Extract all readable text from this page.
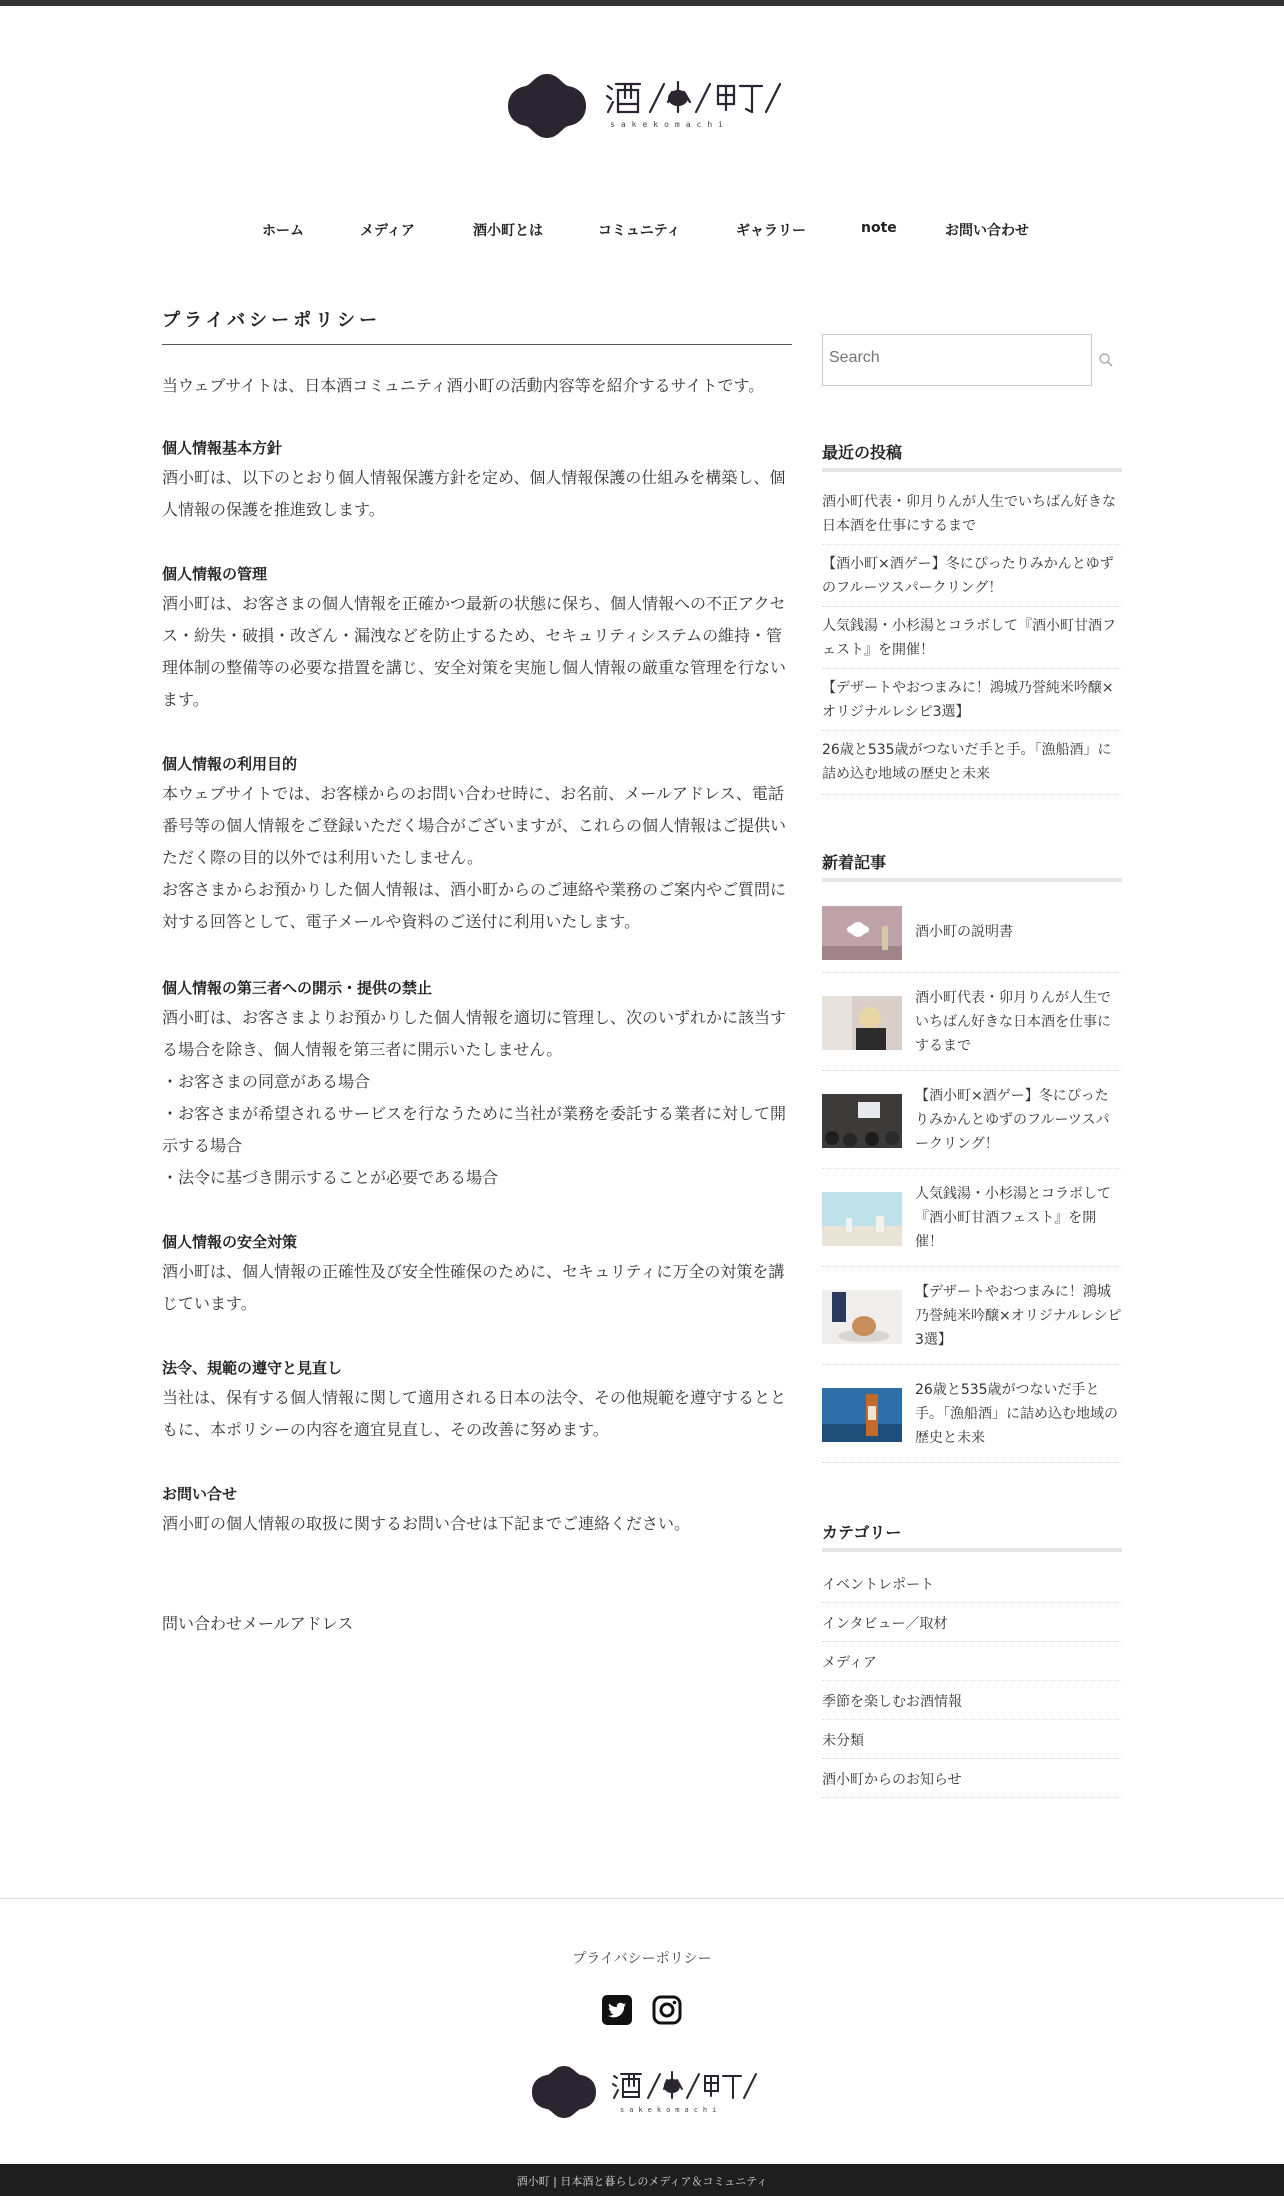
sakekomachi
ホーム	メディア	酒小町とは	コミュニティ	ギャラリー	note	お問い合わせ
プライバシーポリシー

当ウェブサイトは、日本酒コミュニティ酒小町の活動内容等を紹介するサイトです。

個人情報基本方針

酒小町は、以下のとおり個人情報保護方針を定め、個人情報保護の仕組みを構築し、個人情報の保護を推進致します。

個人情報の管理

酒小町は、お客さまの個人情報を正確かつ最新の状態に保ち、個人情報への不正アクセス・紛失・破損・改ざん・漏洩などを防止するため、セキュリティシステムの維持・管理体制の整備等の必要な措置を講じ、安全対策を実施し個人情報の厳重な管理を行ないます。

個人情報の利用目的

本ウェブサイトでは、お客様からのお問い合わせ時に、お名前、メールアドレス、電話番号等の個人情報をご登録いただく場合がございますが、これらの個人情報はご提供いただく際の目的以外では利用いたしません。

お客さまからお預かりした個人情報は、酒小町からのご連絡や業務のご案内やご質問に対する回答として、電子メールや資料のご送付に利用いたします。

個人情報の第三者への開示・提供の禁止

酒小町は、お客さまよりお預かりした個人情報を適切に管理し、次のいずれかに該当する場合を除き、個人情報を第三者に開示いたしません。

・お客さまの同意がある場合

・お客さまが希望されるサービスを行なうために当社が業務を委託する業者に対して開示する場合

・法令に基づき開示することが必要である場合

個人情報の安全対策

酒小町は、個人情報の正確性及び安全性確保のために、セキュリティに万全の対策を講じています。

法令、規範の遵守と見直し

当社は、保有する個人情報に関して適用される日本の法令、その他規範を遵守するとともに、本ポリシーの内容を適宜見直し、その改善に努めます。

お問い合せ

酒小町の個人情報の取扱に関するお問い合せは下記までご連絡ください。

問い合わせメールアドレス

Search
最近の投稿
酒小町代表・卯月りんが人生でいちばん好きな日本酒を仕事にするまで
【酒小町×酒ゲー】冬にぴったりみかんとゆずのフルーツスパークリング！
人気銭湯・小杉湯とコラボして『酒小町甘酒フェスト』を開催！
【デザートやおつまみに！鴻城乃誉純米吟醸×オリジナルレシピ3選】
26歳と535歳がつないだ手と手。「漁船酒」に詰め込む地域の歴史と未来
新着記事
酒小町の説明書
酒小町代表・卯月りんが人生でいちばん好きな日本酒を仕事にするまで
【酒小町×酒ゲー】冬にぴったりみかんとゆずのフルーツスパークリング！
人気銭湯・小杉湯とコラボして『酒小町甘酒フェスト』を開催！
【デザートやおつまみに！鴻城乃誉純米吟醸×オリジナルレシピ3選】
26歳と535歳がつないだ手と手。「漁船酒」に詰め込む地域の歴史と未来
カテゴリー
イベントレポート
インタビュー／取材
メディア
季節を楽しむお酒情報
未分類
酒小町からのお知らせ
プライバシーポリシー
sakekomachi
酒小町 | 日本酒と暮らしのメディア＆コミュニティ
